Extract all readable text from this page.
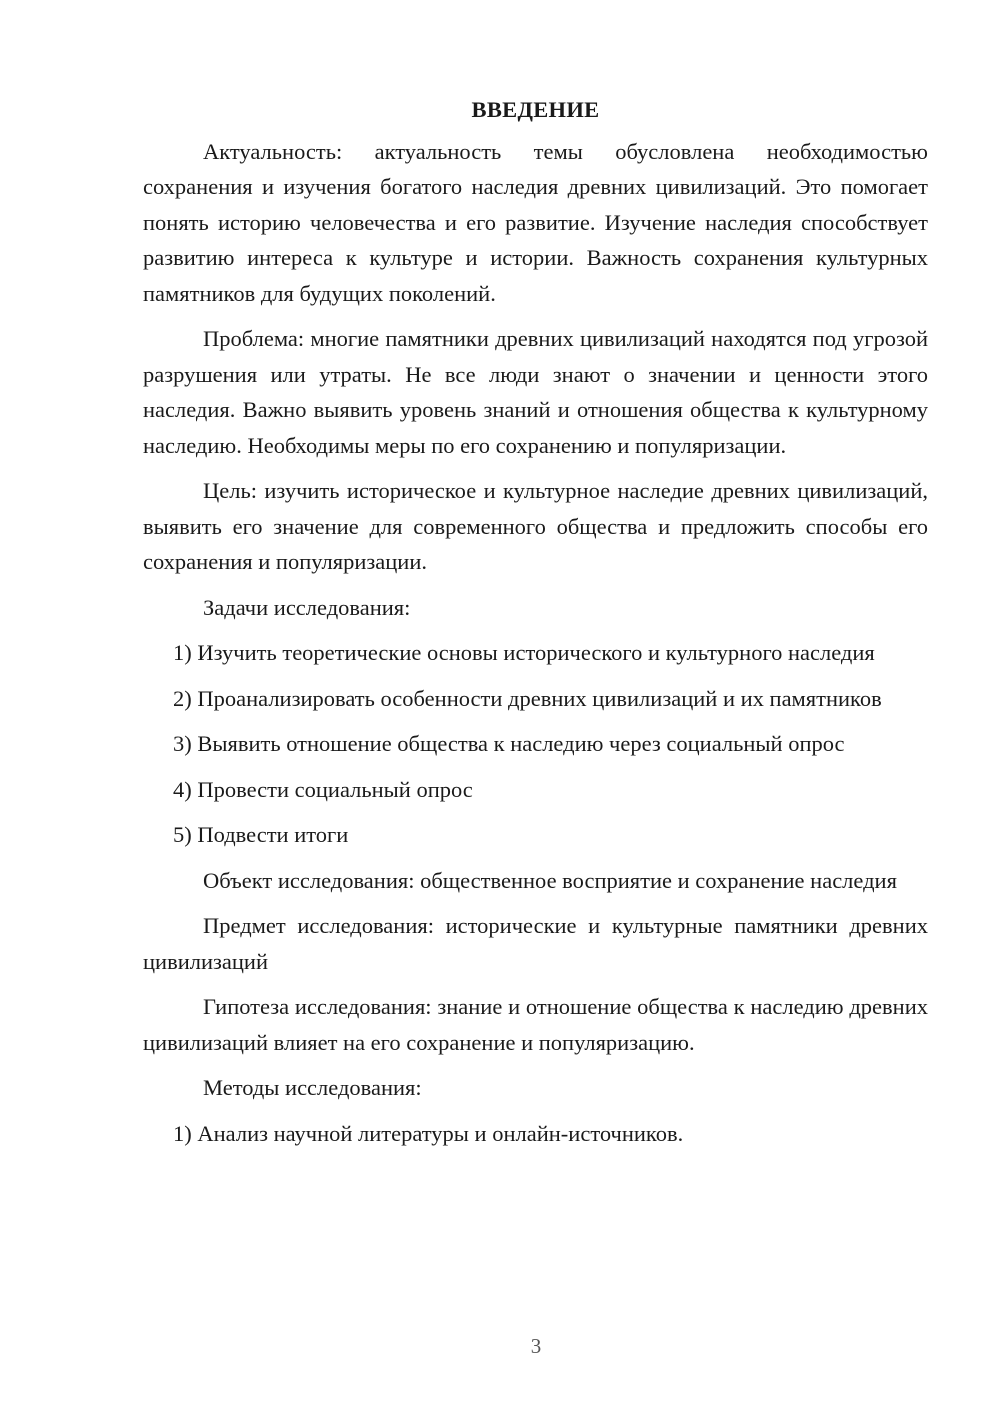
ВВЕДЕНИЕ

Актуальность: актуальность темы обусловлена необходимостью сохранения и изучения богатого наследия древних цивилизаций. Это помогает понять историю человечества и его развитие. Изучение наследия способствует развитию интереса к культуре и истории. Важность сохранения культурных памятников для будущих поколений.

Проблема: многие памятники древних цивилизаций находятся под угрозой разрушения или утраты. Не все люди знают о значении и ценности этого наследия. Важно выявить уровень знаний и отношения общества к культурному наследию. Необходимы меры по его сохранению и популяризации.

Цель: изучить историческое и культурное наследие древних цивилизаций, выявить его значение для современного общества и предложить способы его сохранения и популяризации.

Задачи исследования:

1) Изучить теоретические основы исторического и культурного наследия

2) Проанализировать особенности древних цивилизаций и их памятников

3) Выявить отношение общества к наследию через социальный опрос

4) Провести социальный опрос

5) Подвести итоги

Объект исследования: общественное восприятие и сохранение наследия

Предмет исследования: исторические и культурные памятники древних цивилизаций

Гипотеза исследования: знание и отношение общества к наследию древних цивилизаций влияет на его сохранение и популяризацию.

Методы исследования:

1) Анализ научной литературы и онлайн-источников.

3
